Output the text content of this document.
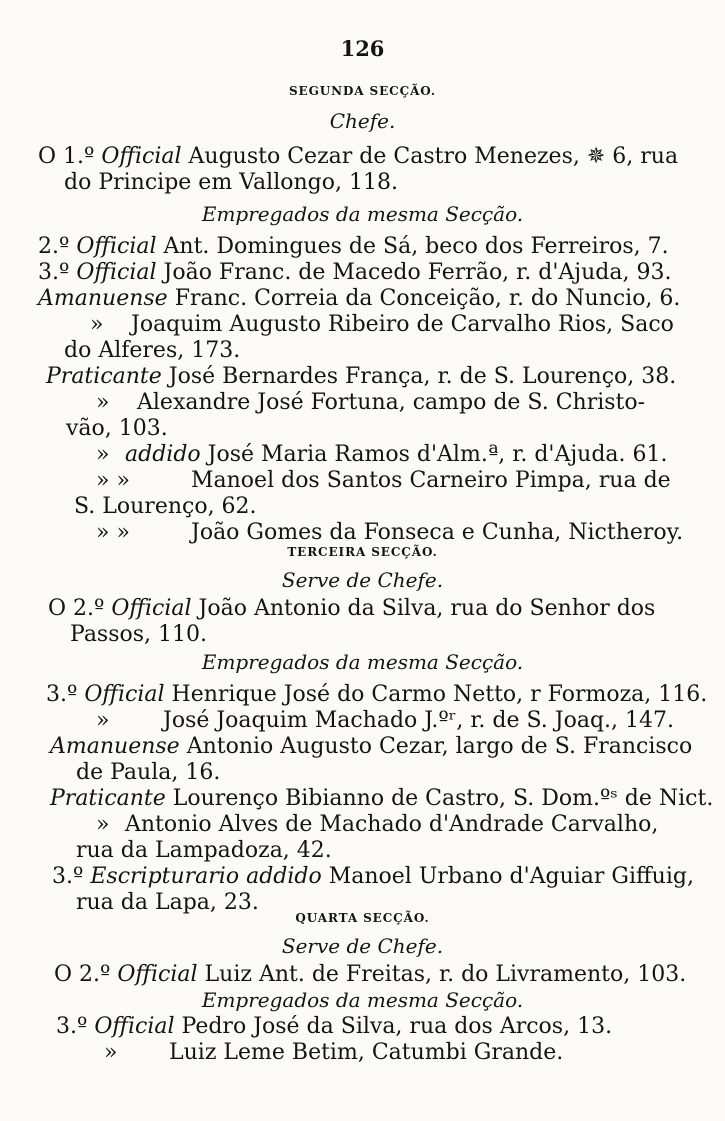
126
SEGUNDA SECÇÃO.
Chefe.
O 1.º Official Augusto Cezar de Castro Menezes, ✵ 6, rua
do Principe em Vallongo, 118.
Empregados da mesma Secção.
2.º Official Ant. Domingues de Sá, beco dos Ferreiros, 7.
3.º Official João Franc. de Macedo Ferrão, r. d'Ajuda, 93.
Amanuense Franc. Correia da Conceição, r. do Nuncio, 6.
» Joaquim Augusto Ribeiro de Carvalho Rios, Saco
do Alferes, 173.
Praticante José Bernardes França, r. de S. Lourenço, 38.
» Alexandre José Fortuna, campo de S. Christo-
vão, 103.
» addido José Maria Ramos d'Alm.ª, r. d'Ajuda. 61.
» »	Manoel dos Santos Carneiro Pimpa, rua de
S. Lourenço, 62.
» »	João Gomes da Fonseca e Cunha, Nictheroy.
TERCEIRA SECÇÃO.
Serve de Chefe.
O 2.º Official João Antonio da Silva, rua do Senhor dos
Passos, 110.
Empregados da mesma Secção.
3.º Official Henrique José do Carmo Netto, r Formoza, 116.
» José Joaquim Machado J.ºʳ, r. de S. Joaq., 147.
Amanuense Antonio Augusto Cezar, largo de S. Francisco
de Paula, 16.
Praticante Lourenço Bibianno de Castro, S. Dom.ºˢ de Nict.
» Antonio Alves de Machado d'Andrade Carvalho,
rua da Lampadoza, 42.
3.º Escripturario addido Manoel Urbano d'Aguiar Giffuig,
rua da Lapa, 23.
QUARTA SECÇÃO.
Serve de Chefe.
O 2.º Official Luiz Ant. de Freitas, r. do Livramento, 103.
Empregados da mesma Secção.
3.º Official Pedro José da Silva, rua dos Arcos, 13.
» Luiz Leme Betim, Catumbi Grande.
